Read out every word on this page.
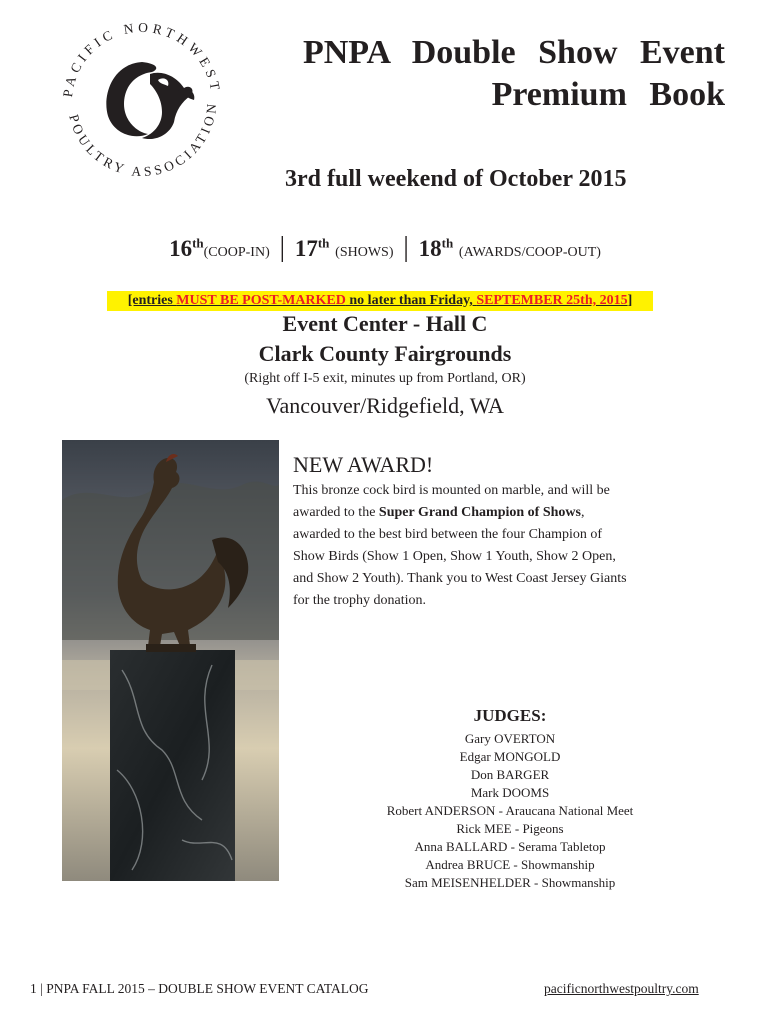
PACIFIC NORTHWEST
POULTRY ASSOCIATION
PNPA Double Show Event
Premium Book
3rd full weekend of October 2015
16th(COOP-IN) | 17th (SHOWS) | 18th (AWARDS/COOP-OUT)
[entries MUST BE POST-MARKED no later than Friday, SEPTEMBER 25th, 2015]
Event Center - Hall C
Clark County Fairgrounds
(Right off I-5 exit, minutes up from Portland, OR)
Vancouver/Ridgefield, WA
NEW AWARD!
This bronze cock bird is mounted on marble, and will be awarded to the Super Grand Champion of Shows, awarded to the best bird between the four Champion of Show Birds (Show 1 Open, Show 1 Youth, Show 2 Open, and Show 2 Youth). Thank you to West Coast Jersey Giants for the trophy donation.
JUDGES:
Gary OVERTON
Edgar MONGOLD
Don BARGER
Mark DOOMS
Robert ANDERSON - Araucana National Meet
Rick MEE - Pigeons
Anna BALLARD - Serama Tabletop
Andrea BRUCE - Showmanship
Sam MEISENHELDER - Showmanship
1 | PNPA FALL 2015 – DOUBLE SHOW EVENT CATALOG	pacificnorthwestpoultry.com
